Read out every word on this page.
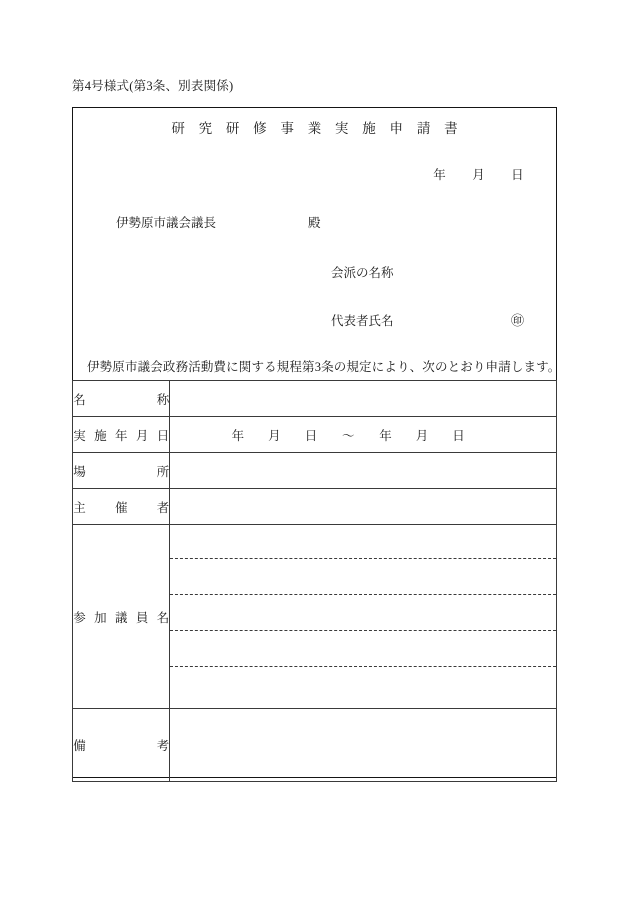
第4号様式(第3条、別表関係)
研 究 研 修 事 業 実 施 申 請 書
年 月 日
伊勢原市議会議長	殿
会派の名称
代表者氏名	㊞
伊勢原市議会政務活動費に関する規程第3条の規定により、次のとおり申請します。
名称	

実施年月日	年 月 日 ～ 年 月 日

場所	

主催者	

参加議員名	

備考	
